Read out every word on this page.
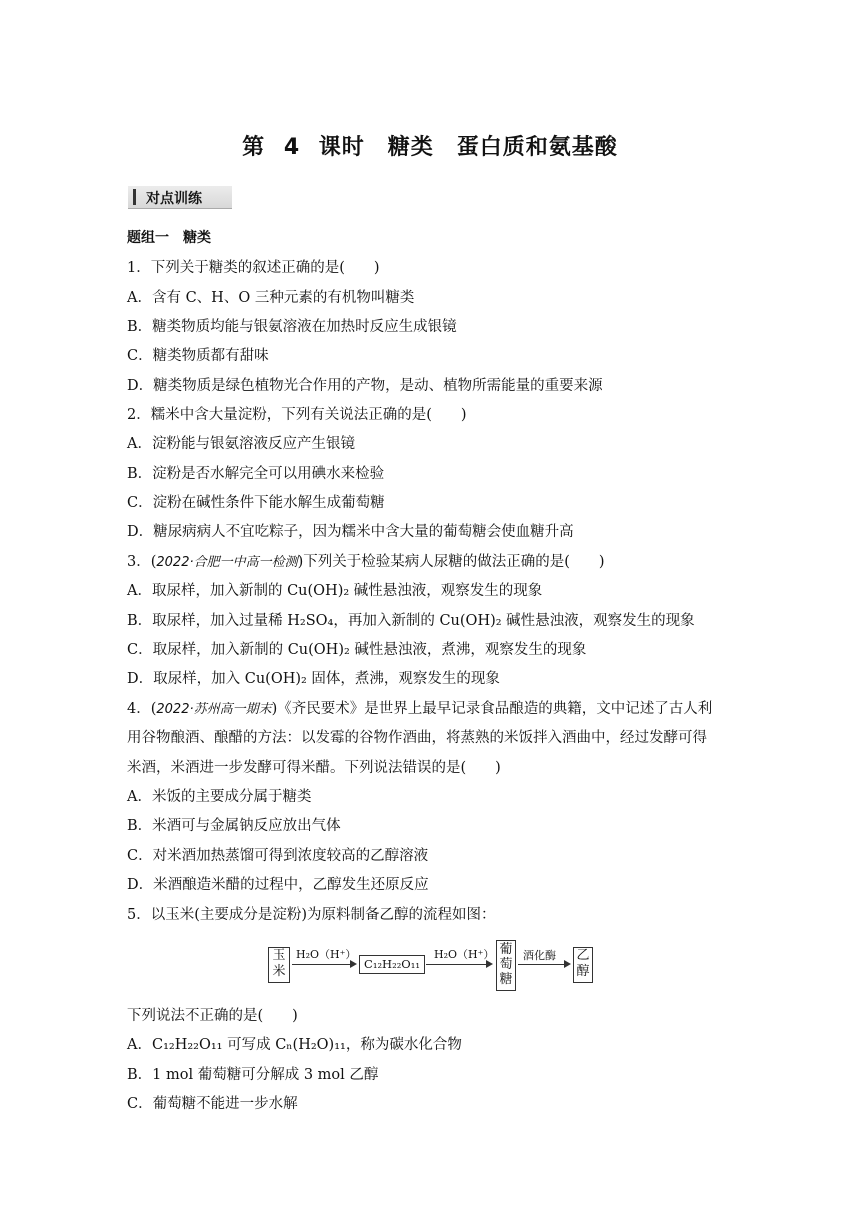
第 4 课时　糖类　蛋白质和氨基酸
对点训练
题组一　糖类
1．下列关于糖类的叙述正确的是(　　)
A．含有 C、H、O 三种元素的有机物叫糖类
B．糖类物质均能与银氨溶液在加热时反应生成银镜
C．糖类物质都有甜味
D．糖类物质是绿色植物光合作用的产物，是动、植物所需能量的重要来源
2．糯米中含大量淀粉，下列有关说法正确的是(　　)
A．淀粉能与银氨溶液反应产生银镜
B．淀粉是否水解完全可以用碘水来检验
C．淀粉在碱性条件下能水解生成葡萄糖
D．糖尿病病人不宜吃粽子，因为糯米中含大量的葡萄糖会使血糖升高
3．(2022·合肥一中高一检测)下列关于检验某病人尿糖的做法正确的是(　　)
A．取尿样，加入新制的 Cu(OH)₂ 碱性悬浊液，观察发生的现象
B．取尿样，加入过量稀 H₂SO₄，再加入新制的 Cu(OH)₂ 碱性悬浊液，观察发生的现象
C．取尿样，加入新制的 Cu(OH)₂ 碱性悬浊液，煮沸，观察发生的现象
D．取尿样，加入 Cu(OH)₂ 固体，煮沸，观察发生的现象
4．(2022·苏州高一期末)《齐民要术》是世界上最早记录食品酿造的典籍，文中记述了古人利
用谷物酿酒、酿醋的方法：以发霉的谷物作酒曲，将蒸熟的米饭拌入酒曲中，经过发酵可得
米酒，米酒进一步发酵可得米醋。下列说法错误的是(　　)
A．米饭的主要成分属于糖类
B．米酒可与金属钠反应放出气体
C．对米酒加热蒸馏可得到浓度较高的乙醇溶液
D．米酒酿造米醋的过程中，乙醇发生还原反应
5．以玉米(主要成分是淀粉)为原料制备乙醇的流程如图：
玉米
H₂O（H⁺）
C₁₂H₂₂O₁₁
H₂O（H⁺） 葡萄糖
酒化酶 乙醇
下列说法不正确的是(　　)
A．C₁₂H₂₂O₁₁ 可写成 Cₙ(H₂O)₁₁，称为碳水化合物
B．1 mol 葡萄糖可分解成 3 mol 乙醇
C．葡萄糖不能进一步水解
